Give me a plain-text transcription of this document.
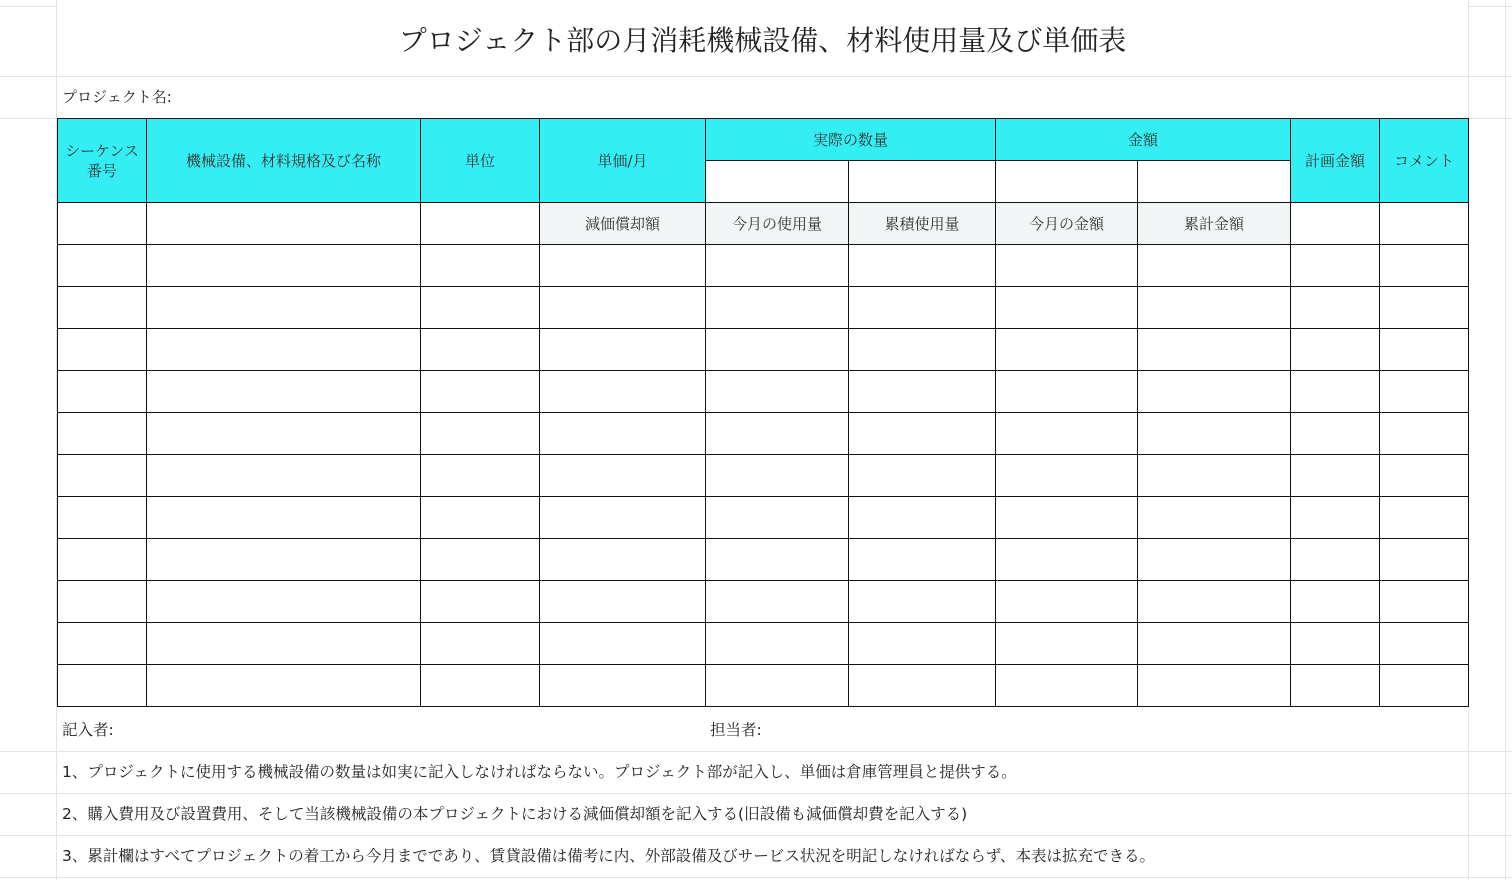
プロジェクト部の月消耗機械設備、材料使用量及び単価表
プロジェクト名:
シーケンス番号	機械設備、材料規格及び名称	単位	単価/月	実際の数量		金額		計画金額	コメント

			減価償却額	今月の使用量	累積使用量	今月の金額	累計金額		

記入者:	担当者:
1、プロジェクトに使用する機械設備の数量は如実に記入しなければならない。プロジェクト部が記入し、単価は倉庫管理員と提供する。
2、購入費用及び設置費用、そして当該機械設備の本プロジェクトにおける減価償却額を記入する(旧設備も減価償却費を記入する)
3、累計欄はすべてプロジェクトの着工から今月までであり、賃貸設備は備考に内、外部設備及びサービス状況を明記しなければならず、本表は拡充できる。
